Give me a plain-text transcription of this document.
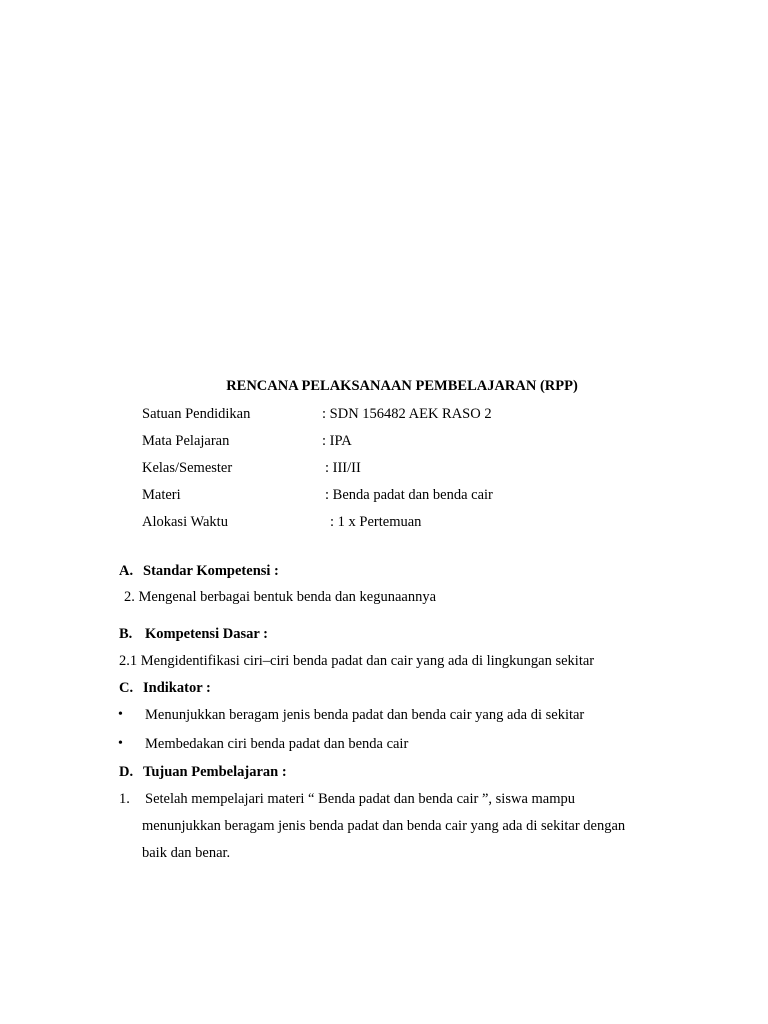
RENCANA PELAKSANAAN PEMBELAJARAN (RPP)
Satuan Pendidikan	: SDN 156482 AEK RASO 2
Mata Pelajaran	: IPA
Kelas/Semester	: III/II
Materi	: Benda padat dan benda cair
Alokasi Waktu	: 1 x Pertemuan
A. Standar Kompetensi :
2. Mengenal berbagai bentuk benda dan kegunaannya
B. Kompetensi Dasar :
2.1 Mengidentifikasi ciri–ciri benda padat dan cair yang ada di lingkungan sekitar
C. Indikator :
• Menunjukkan beragam jenis benda padat dan benda cair yang ada di sekitar
• Membedakan ciri benda padat dan benda cair
D. Tujuan Pembelajaran :
1. Setelah mempelajari materi “ Benda padat dan benda cair ”, siswa mampu
menunjukkan beragam jenis benda padat dan benda cair yang ada di sekitar dengan
baik dan benar.
